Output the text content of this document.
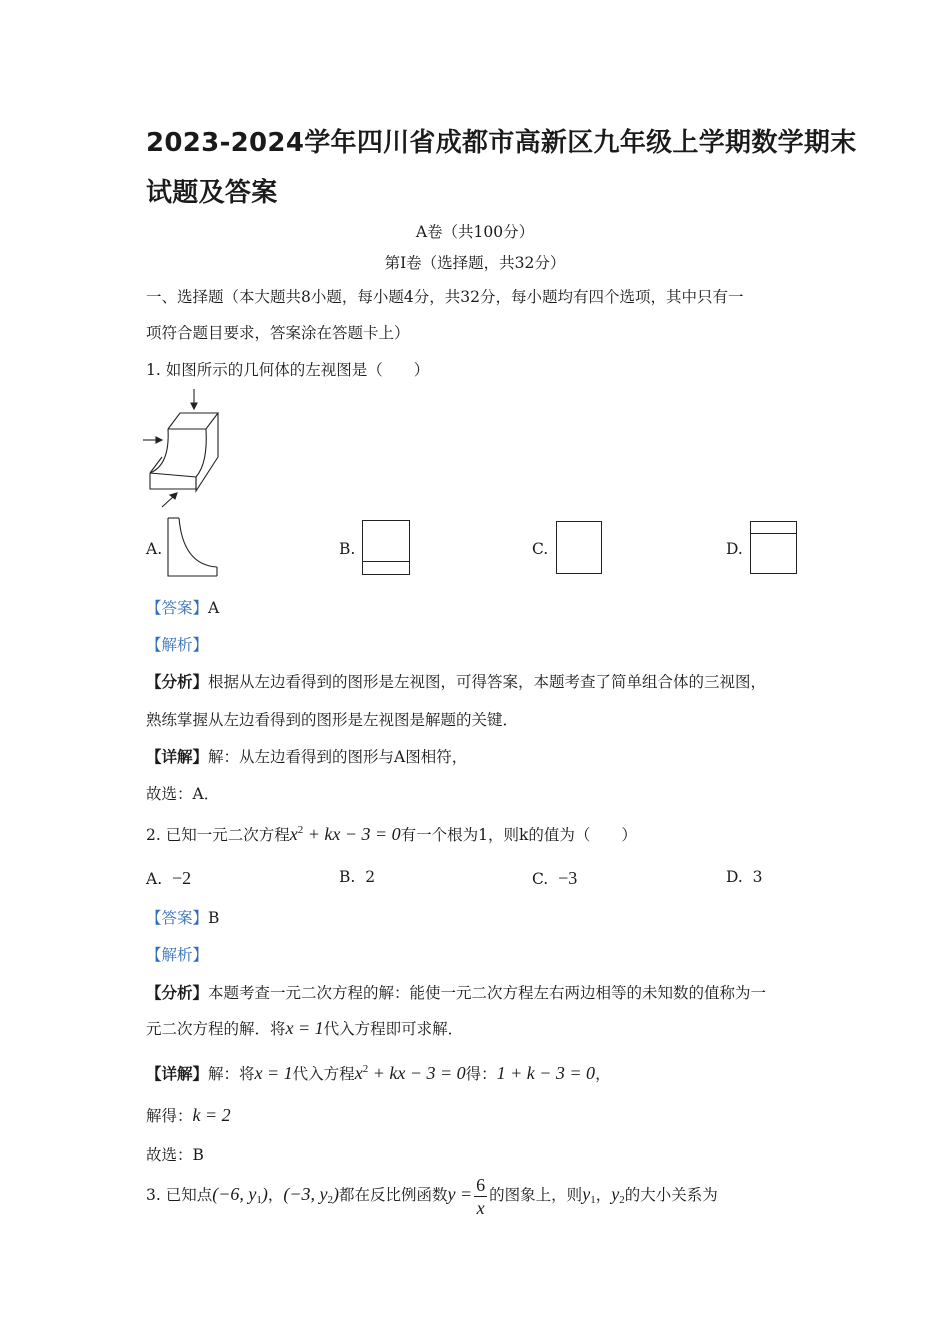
2023-2024学年四川省成都市高新区九年级上学期数学期末
试题及答案
A卷（共100分）
第Ⅰ卷（选择题，共32分）
一、选择题（本大题共8小题，每小题4分，共32分，每小题均有四个选项，其中只有一
项符合题目要求，答案涂在答题卡上）
1. 如图所示的几何体的左视图是（　　）
A.	B.	C.	D.
【答案】A
【解析】
【分析】根据从左边看得到的图形是左视图，可得答案，本题考查了简单组合体的三视图，
熟练掌握从左边看得到的图形是左视图是解题的关键．
【详解】解：从左边看得到的图形与A图相符，
故选：A．
2. 已知一元二次方程$x^2$ + kx − 3 = 0有一个根为1，则k的值为（　　）
A. −2	B. 2	C. −3	D. 3
【答案】B
【解析】
【分析】本题考查一元二次方程的解：能使一元二次方程左右两边相等的未知数的值称为一
元二次方程的解．将x = 1代入方程即可求解．
【详解】解：将x = 1代入方程$x^2$ + kx − 3 = 0得：1 + k − 3 = 0，
解得：k = 2
故选：B
3. 已知点(−6, $y_1$)，(−3, $y_2$)都在反比例函数$y = \frac{6}{x}$ 的图象上，则$y_1$，$y_2$的大小关系为
